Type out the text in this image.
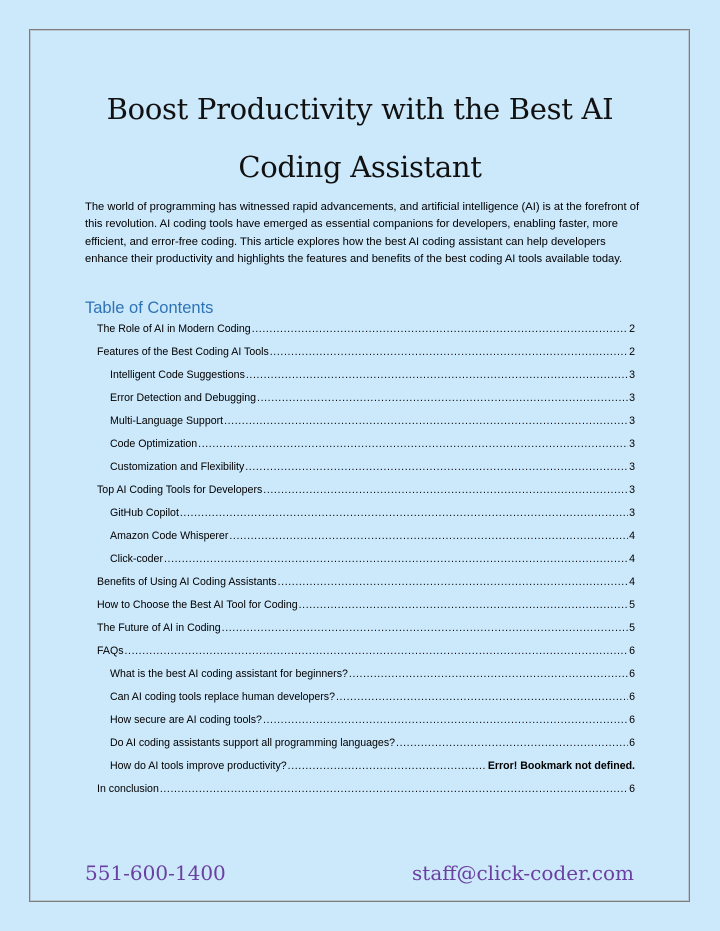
Boost Productivity with the Best AI
Coding Assistant

The world of programming has witnessed rapid advancements, and artificial intelligence (AI) is at the forefront of this revolution. AI coding tools have emerged as essential companions for developers, enabling faster, more efficient, and error-free coding. This article explores how the best AI coding assistant can help developers enhance their productivity and highlights the features and benefits of the best coding AI tools available today.

Table of Contents
The Role of AI in Modern Coding .....	2
Features of the Best Coding AI Tools .....	2
Intelligent Code Suggestions .....	3
Error Detection and Debugging .....	3
Multi-Language Support .....	3
Code Optimization .....	3
Customization and Flexibility .....	3
Top AI Coding Tools for Developers .....	3
GitHub Copilot .....	3
Amazon Code Whisperer .....	4
Click-coder .....	4
Benefits of Using AI Coding Assistants .....	4
How to Choose the Best AI Tool for Coding .....	5
The Future of AI in Coding .....	5
FAQs .....	6
What is the best AI coding assistant for beginners? .....	6
Can AI coding tools replace human developers? .....	6
How secure are AI coding tools? .....	6
Do AI coding assistants support all programming languages? .....	6
How do AI tools improve productivity? .....	Error! Bookmark not defined.
In conclusion .....	6
551-600-1400	staff@click-coder.com
